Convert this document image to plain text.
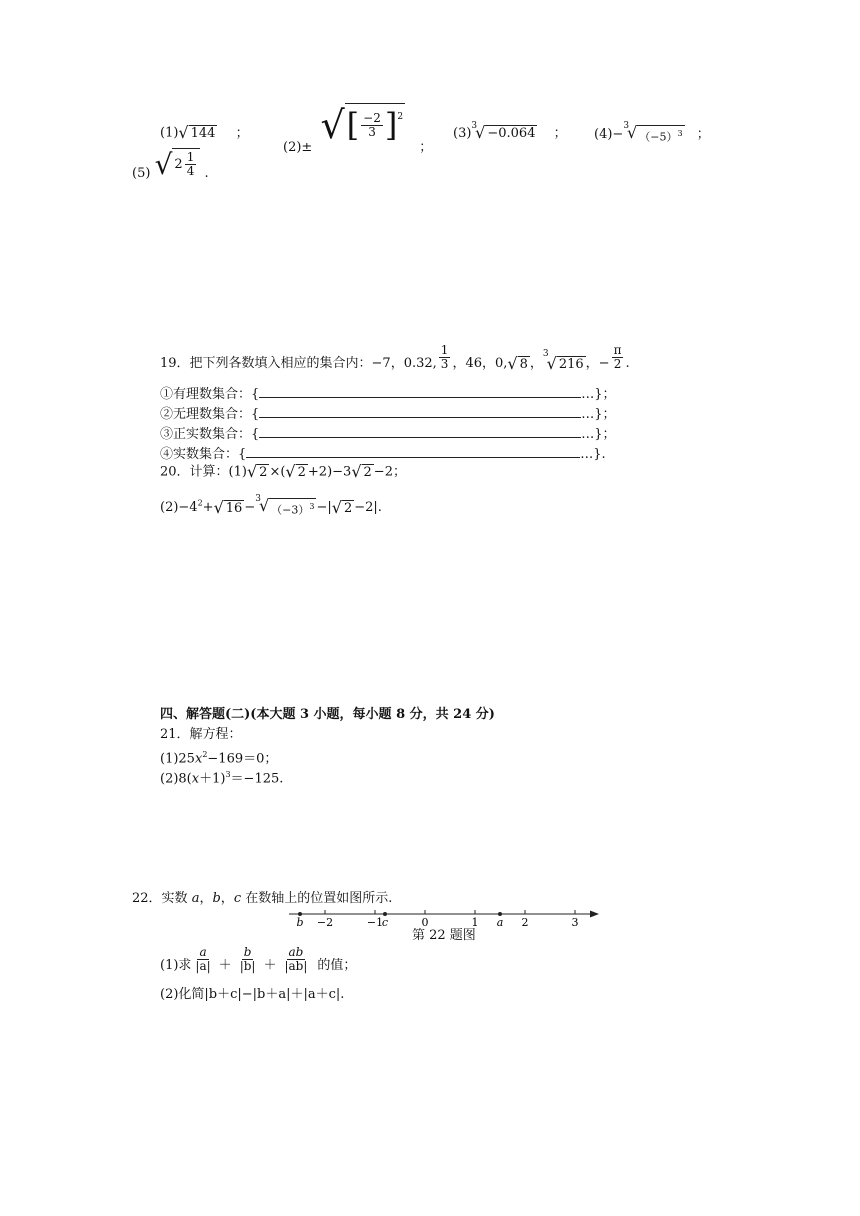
(1) √ 144 ；
(2)± √ [ $\frac{-2}{3}$ ] 2
；
(3) 3
√ −0.064 ； (4)−
3
√ $(-5)^3$ ；
(5) √ $2 \frac{1}{4}$ .
19．把下列各数填入相应的集合内：−7，0.32, $\frac{1}{3}$ ，46，0, √ 8 ，
3
√ 216 ，− $\frac{\pi}{2}$ .
①有理数集合：{	…}；
②无理数集合：{	…}；
③正实数集合：{	…}；
④实数集合：{	…}.
20．计算：(1) √ 2 ×( √ 2 +2)−3 √ 2 −2；
$(2)-4^2+$ √ 16 −
3
√ $(-3)^3$ −| √ 2 −2|.
四、解答题(二)(本大题 3 小题，每小题 8 分，共 24 分)
21．解方程：
$(1)25x^2-169=0$；
$(2)8(x+1)^3=-125$.
22．实数 a，b，c 在数轴上的位置如图所示.
−2	−1	0	1	2	3
b	c	a
第 22 题图
(1)求 $\frac{a}{|a|} + \frac{b}{|b|} + \frac{ab}{|ab|}$ 的值；
(2)化简|b＋c|−|b＋a|＋|a＋c|.
